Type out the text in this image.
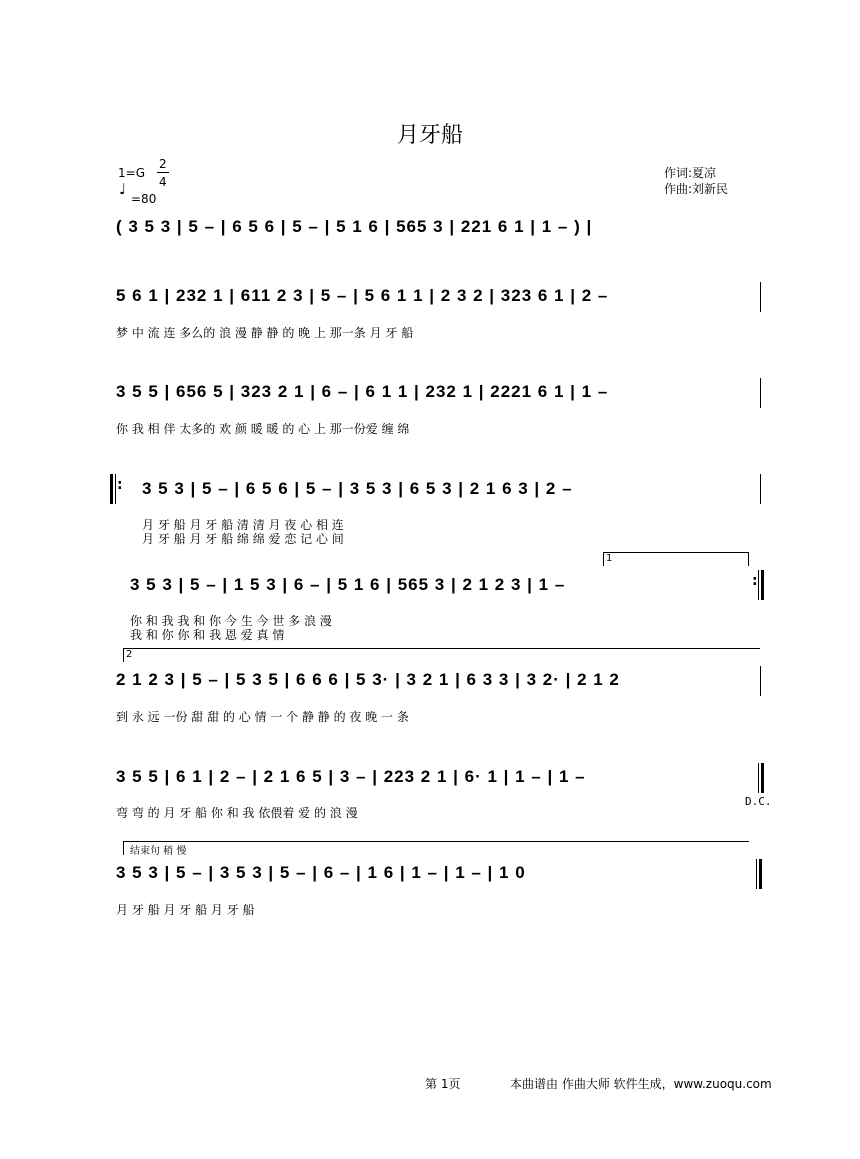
月牙船
1=G
2
4
♩
=80
作词:夏凉
作曲:刘新民
( 3 5 3 | 5 – | 6 5 6 | 5 – | 5 1 6 | 565 3 | 221 6 1 | 1 – ) |
5 6 1 | 232 1 | 611 2 3 | 5 – | 5 6 1 1 | 2 3 2 | 323 6 1 | 2 –
梦 中 流 连 多么的 浪 漫 静 静 的 晚 上 那一条 月 牙 船
3 5 5 | 656 5 | 323 2 1 | 6 – | 6 1 1 | 232 1 | 2221 6 1 | 1 –
你 我 相 伴 太多的 欢 颜 暖 暖 的 心 上 那一份爱 缠 绵
: 3 5 3 | 5 – | 6 5 6 | 5 – | 3 5 3 | 6 5 3 | 2 1 6 3 | 2 –
月 牙 船 月 牙 船 清 清 月 夜 心 相 连
月 牙 船 月 牙 船 绵 绵 爱 恋 记 心 间
1
3 5 3 | 5 – | 1 5 3 | 6 – | 5 1 6 | 565 3 | 2 1 2 3 | 1 –
你 和 我 我 和 你 今 生 今 世 多 浪 漫
我 和 你 你 和 我 恩 爱 真 情
:
2
2 1 2 3 | 5 – | 5 3 5 | 6 6 6 | 5 3· | 3 2 1 | 6 3 3 | 3 2· | 2 1 2
到 永 远 一份 甜 甜 的 心 情 一 个 静 静 的 夜 晚 一 条
3 5 5 | 6 1 | 2 – | 2 1 6 5 | 3 – | 223 2 1 | 6· 1 | 1 – | 1 –
弯 弯 的 月 牙 船 你 和 我 依偎着 爱 的 浪 漫
D.C.
结束句 稍 慢
3 5 3 | 5 – | 3 5 3 | 5 – | 6 – | 1 6 | 1 – | 1 – | 1 0
月 牙 船 月 牙 船 月 牙 船
第 1页	本曲谱由 作曲大师 软件生成，www.zuoqu.com
